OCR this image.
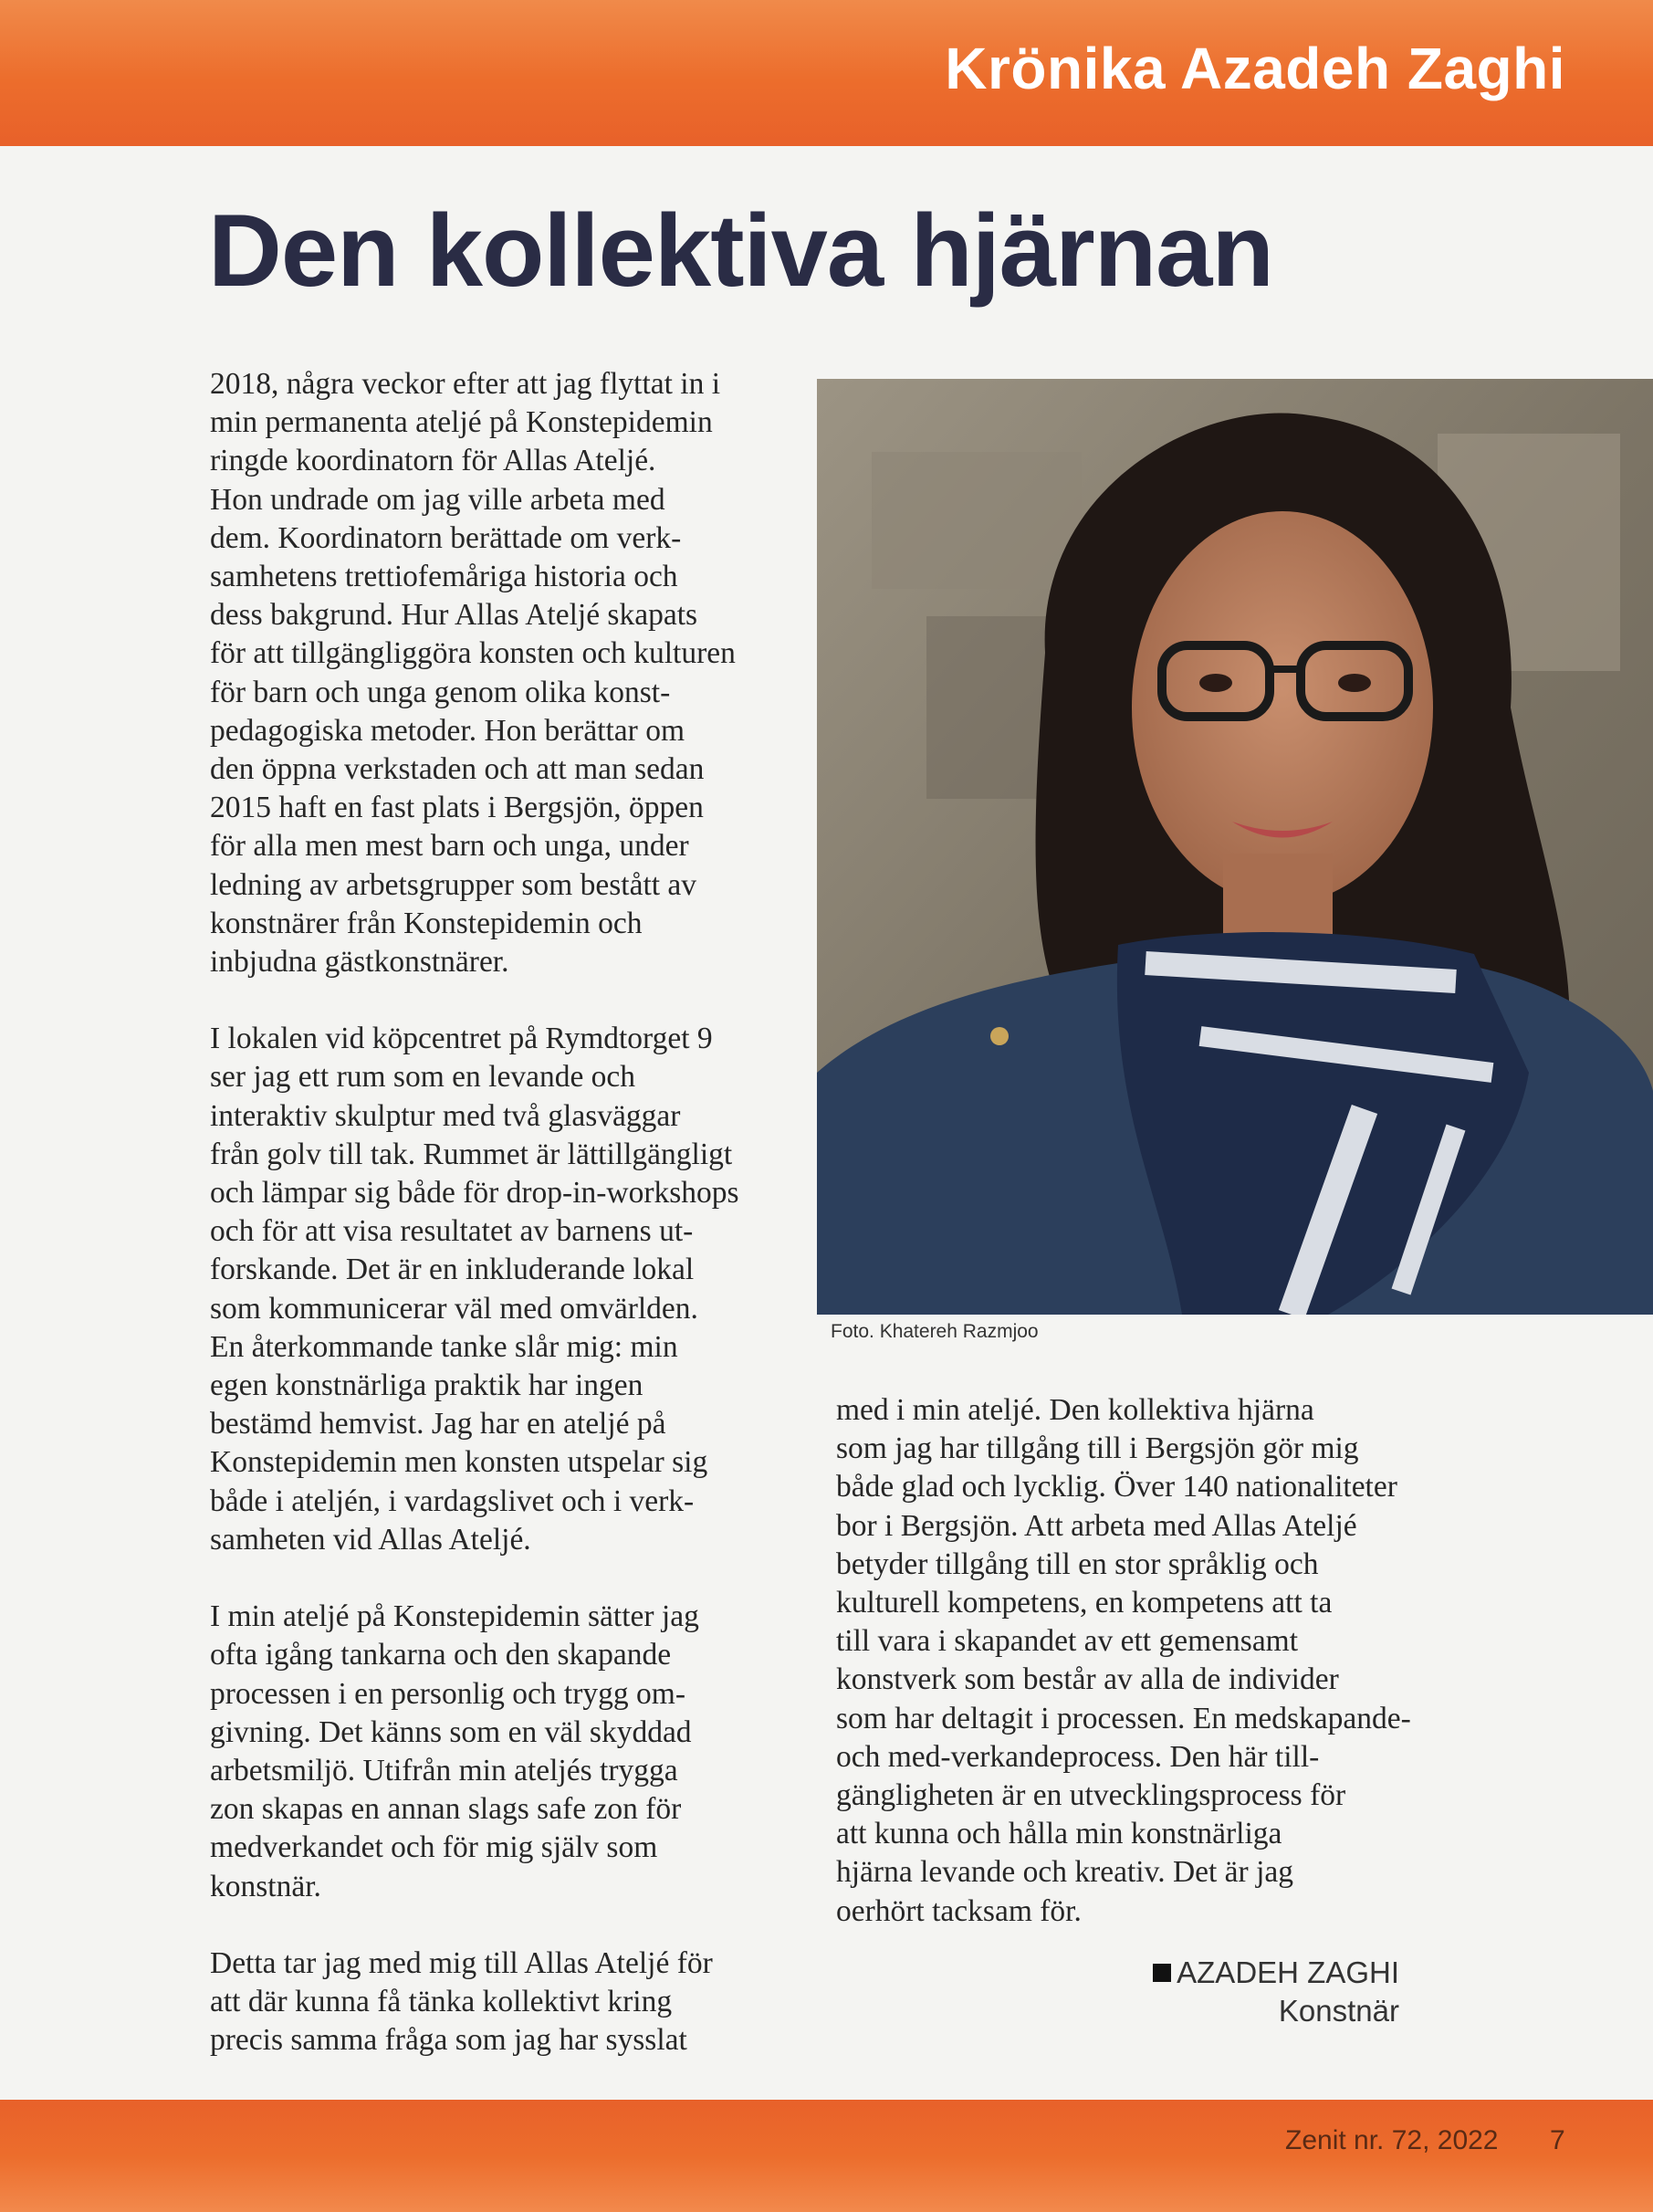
Krönika Azadeh Zaghi
Den kollektiva hjärnan

2018, några veckor efter att jag flyttat in i

min permanenta ateljé på Konstepidemin

ringde koordinatorn för Allas Ateljé.

Hon undrade om jag ville arbeta med

dem. Koordinatorn berättade om verk-

samhetens trettiofemåriga historia och

dess bakgrund. Hur Allas Ateljé skapats

för att tillgängliggöra konsten och kulturen

för barn och unga genom olika konst-

pedagogiska metoder. Hon berättar om

den öppna verkstaden och att man sedan

2015 haft en fast plats i Bergsjön, öppen

för alla men mest barn och unga, under

ledning av arbetsgrupper som bestått av

konstnärer från Konstepidemin och

inbjudna gästkonstnärer.

I lokalen vid köpcentret på Rymdtorget 9

ser jag ett rum som en levande och

interaktiv skulptur med två glasväggar

från golv till tak. Rummet är lättillgängligt

och lämpar sig både för drop-in-workshops

och för att visa resultatet av barnens ut-

forskande. Det är en inkluderande lokal

som kommunicerar väl med omvärlden.

En återkommande tanke slår mig: min

egen konstnärliga praktik har ingen

bestämd hemvist. Jag har en ateljé på

Konstepidemin men konsten utspelar sig

både i ateljén, i vardagslivet och i verk-

samheten vid Allas Ateljé.

I min ateljé på Konstepidemin sätter jag

ofta igång tankarna och den skapande

processen i en personlig och trygg om-

givning. Det känns som en väl skyddad

arbetsmiljö. Utifrån min ateljés trygga

zon skapas en annan slags safe zon för

medverkandet och för mig själv som

konstnär.

Detta tar jag med mig till Allas Ateljé för

att där kunna få tänka kollektivt kring

precis samma fråga som jag har sysslat

Foto. Khatereh Razmjoo

med i min ateljé. Den kollektiva hjärna

som jag har tillgång till i Bergsjön gör mig

både glad och lycklig. Över 140 nationaliteter

bor i Bergsjön. Att arbeta med Allas Ateljé

betyder tillgång till en stor språklig och

kulturell kompetens, en kompetens att ta

till vara i skapandet av ett gemensamt

konstverk som består av alla de individer

som har deltagit i processen. En medskapande-

och med-verkandeprocess. Den här till-

gängligheten är en utvecklingsprocess för

att kunna och hålla min konstnärliga

hjärna levande och kreativ. Det är jag

oerhört tacksam för.

AZADEH ZAGHI
Konstnär
Zenit nr. 72, 2022 7
